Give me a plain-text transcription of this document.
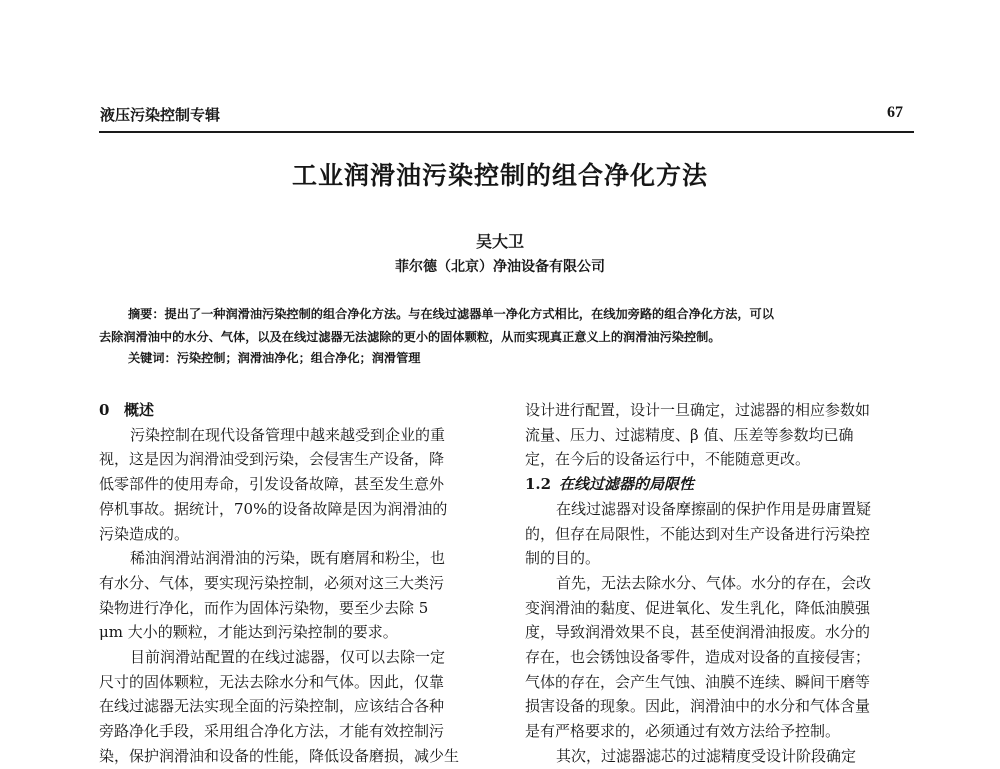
液压污染控制专辑	67
工业润滑油污染控制的组合净化方法
吴大卫
菲尔德（北京）净油设备有限公司
摘要：提出了一种润滑油污染控制的组合净化方法。与在线过滤器单一净化方式相比，在线加旁路的组合净化方法，可以
去除润滑油中的水分、气体，以及在线过滤器无法滤除的更小的固体颗粒，从而实现真正意义上的润滑油污染控制。
关键词：污染控制；润滑油净化；组合净化；润滑管理
0 概述
污染控制在现代设备管理中越来越受到企业的重
视，这是因为润滑油受到污染，会侵害生产设备，降
低零部件的使用寿命，引发设备故障，甚至发生意外
停机事故。据统计，70%的设备故障是因为润滑油的
污染造成的。
稀油润滑站润滑油的污染，既有磨屑和粉尘，也
有水分、气体，要实现污染控制，必须对这三大类污
染物进行净化，而作为固体污染物，要至少去除 5
μm 大小的颗粒，才能达到污染控制的要求。
目前润滑站配置的在线过滤器，仅可以去除一定
尺寸的固体颗粒，无法去除水分和气体。因此，仅靠
在线过滤器无法实现全面的污染控制，应该结合各种
旁路净化手段，采用组合净化方法，才能有效控制污
染，保护润滑油和设备的性能，降低设备磨损，减少生
设计进行配置，设计一旦确定，过滤器的相应参数如
流量、压力、过滤精度、β 值、压差等参数均已确
定，在今后的设备运行中，不能随意更改。
1.2 在线过滤器的局限性
在线过滤器对设备摩擦副的保护作用是毋庸置疑
的，但存在局限性，不能达到对生产设备进行污染控
制的目的。
首先，无法去除水分、气体。水分的存在，会改
变润滑油的黏度、促进氧化、发生乳化，降低油膜强
度，导致润滑效果不良，甚至使润滑油报废。水分的
存在，也会锈蚀设备零件，造成对设备的直接侵害；
气体的存在，会产生气蚀、油膜不连续、瞬间干磨等
损害设备的现象。因此，润滑油中的水分和气体含量
是有严格要求的，必须通过有效方法给予控制。
其次，过滤器滤芯的过滤精度受设计阶段确定
